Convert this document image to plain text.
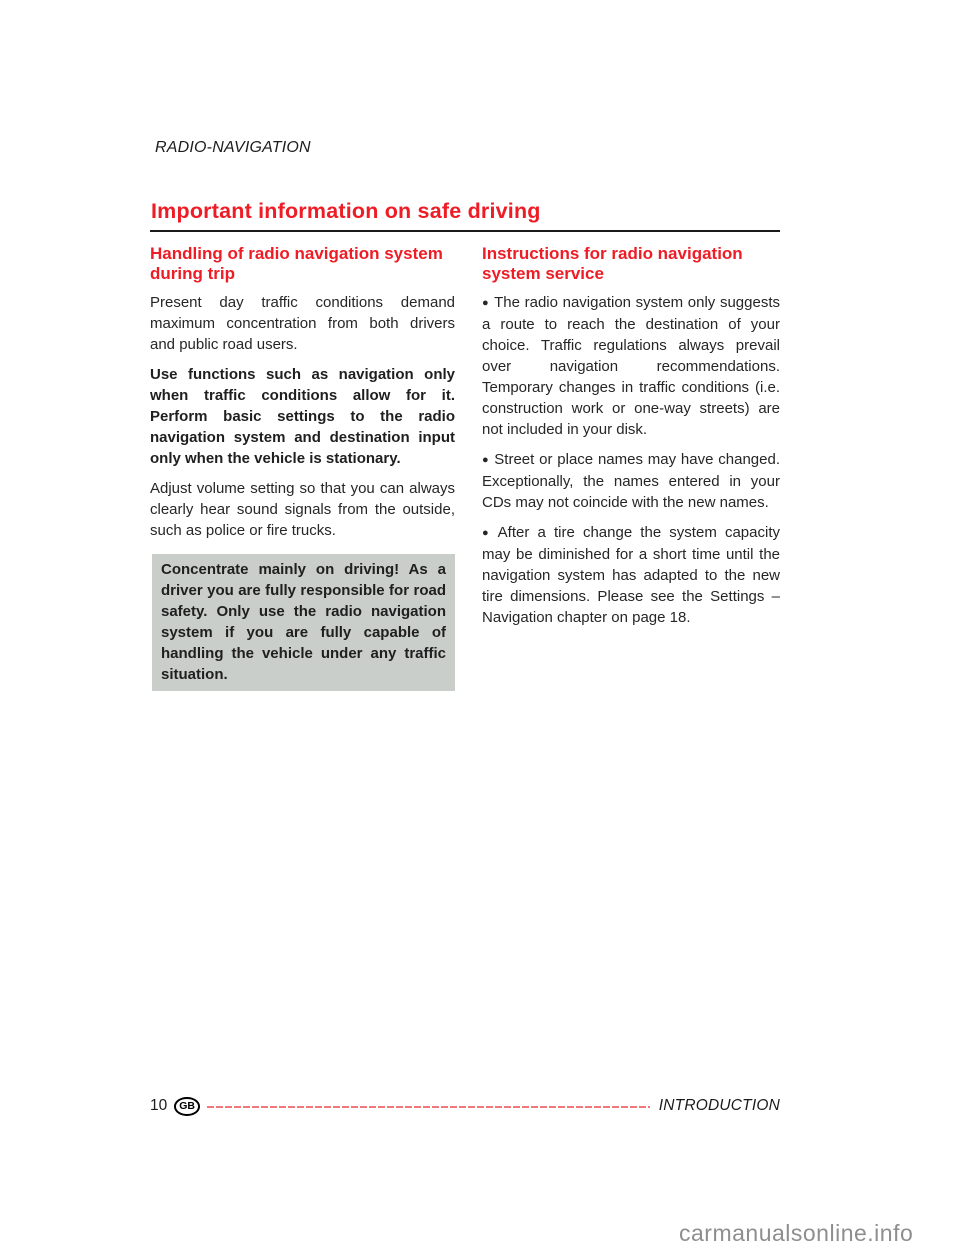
RADIO-NAVIGATION
Important information on safe driving
Handling of radio navigation system during trip

Present day traffic conditions demand maximum concentration from both drivers and public road users.

Use functions such as navigation only when traffic conditions allow for it. Perform basic settings to the radio navigation system and destination input only when the vehicle is stationary.

Adjust volume setting so that you can always clearly hear sound signals from the outside, such as police or fire trucks.

Concentrate mainly on driving! As a driver you are fully responsible for road safety. Only use the radio navigation system if you are fully capable of handling the vehicle under any traffic situation.

Instructions for radio navigation system service

● The radio navigation system only suggests a route to reach the destination of your choice. Traffic regulations always prevail over navigation recommendations. Temporary changes in traffic conditions (i.e. construction work or one-way streets) are not included in your disk.

● Street or place names may have changed. Exceptionally, the names entered in your CDs may not coincide with the new names.

● After a tire change the system capacity may be diminished for a short time until the navigation system has adapted to the new tire dimensions. Please see the Settings – Navigation chapter on page 18.

10	GB	INTRODUCTION
carmanualsonline.info
